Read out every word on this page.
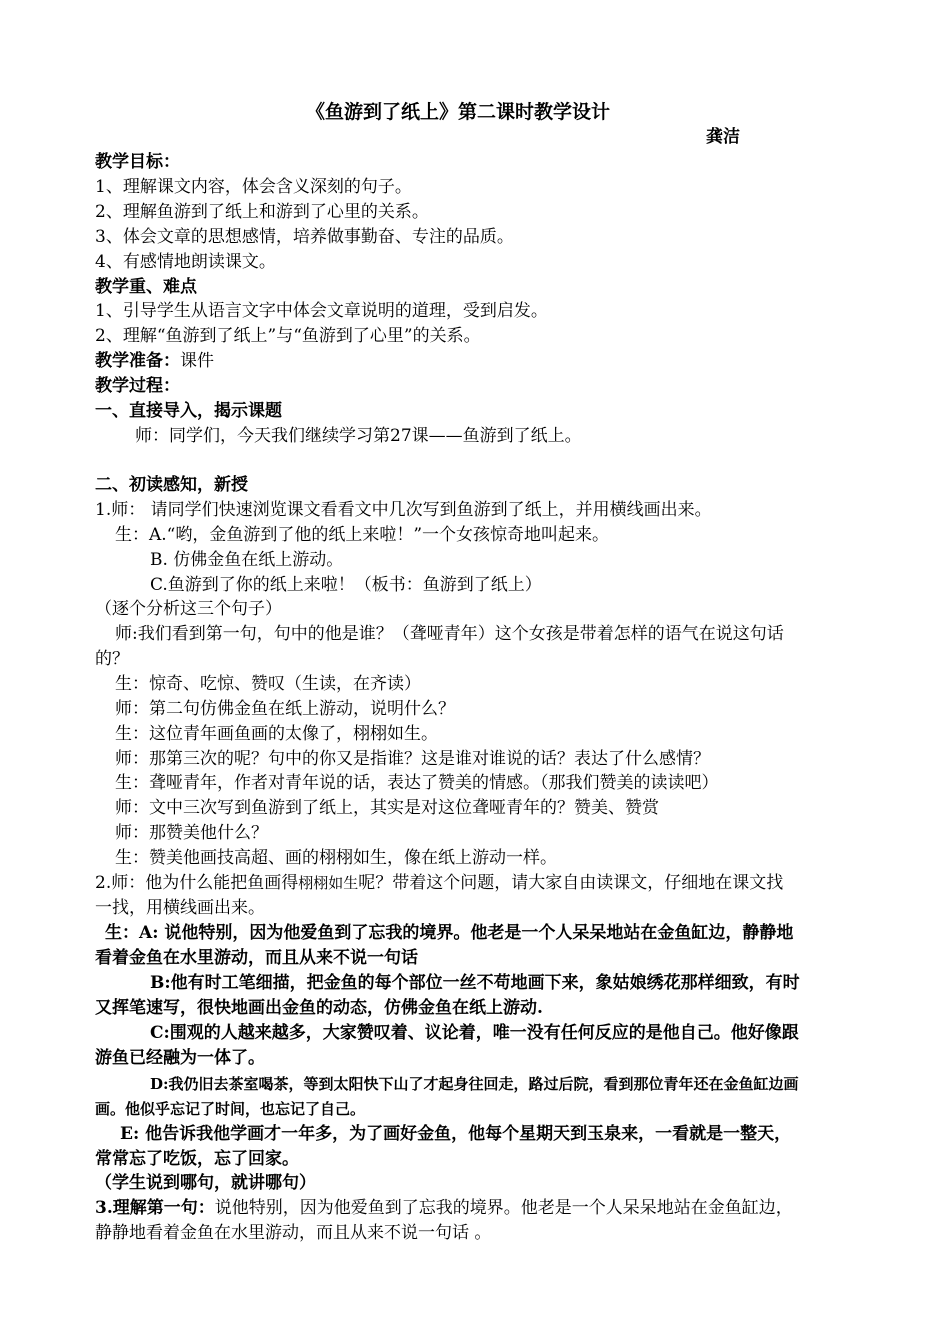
《鱼游到了纸上》第二课时教学设计
龚洁
教学目标：
1、理解课文内容，体会含义深刻的句子。
2、理解鱼游到了纸上和游到了心里的关系。
3、体会文章的思想感情，培养做事勤奋、专注的品质。
4、有感情地朗读课文。
教学重、难点
1、引导学生从语言文字中体会文章说明的道理，受到启发。
2、理解“鱼游到了纸上”与“鱼游到了心里”的关系。
教学准备：课件
教学过程：
一、直接导入，揭示课题
师：同学们，今天我们继续学习第27课——鱼游到了纸上。
二、初读感知，新授
1.师： 请同学们快速浏览课文看看文中几次写到鱼游到了纸上，并用横线画出来。
生：A.“哟，金鱼游到了他的纸上来啦！”一个女孩惊奇地叫起来。
B. 仿佛金鱼在纸上游动。
C.鱼游到了你的纸上来啦！（板书：鱼游到了纸上）
（逐个分析这三个句子）
师:我们看到第一句，句中的他是谁？（聋哑青年）这个女孩是带着怎样的语气在说这句话
的？
生：惊奇、吃惊、赞叹（生读，在齐读）
师：第二句仿佛金鱼在纸上游动，说明什么？
生：这位青年画鱼画的太像了，栩栩如生。
师：那第三次的呢？句中的你又是指谁？这是谁对谁说的话？表达了什么感情？
生：聋哑青年，作者对青年说的话，表达了赞美的情感。（那我们赞美的读读吧）
师：文中三次写到鱼游到了纸上，其实是对这位聋哑青年的？赞美、赞赏
师：那赞美他什么？
生：赞美他画技高超、画的栩栩如生，像在纸上游动一样。
2.师：他为什么能把鱼画得栩栩如生呢？带着这个问题，请大家自由读课文，仔细地在课文找
一找，用横线画出来。
生：A: 说他特别，因为他爱鱼到了忘我的境界。他老是一个人呆呆地站在金鱼缸边，静静地
看着金鱼在水里游动，而且从来不说一句话
B:他有时工笔细描，把金鱼的每个部位一丝不苟地画下来，象姑娘绣花那样细致，有时
又挥笔速写，很快地画出金鱼的动态，仿佛金鱼在纸上游动.
C:围观的人越来越多，大家赞叹着、议论着，唯一没有任何反应的是他自己。他好像跟
游鱼已经融为一体了。
D:我仍旧去茶室喝茶，等到太阳快下山了才起身往回走，路过后院，看到那位青年还在金鱼缸边画
画。他似乎忘记了时间，也忘记了自己。
E: 他告诉我他学画才一年多，为了画好金鱼，他每个星期天到玉泉来，一看就是一整天，
常常忘了吃饭，忘了回家。
（学生说到哪句，就讲哪句）
3.理解第一句：说他特别，因为他爱鱼到了忘我的境界。他老是一个人呆呆地站在金鱼缸边，
静静地看着金鱼在水里游动，而且从来不说一句话 。
